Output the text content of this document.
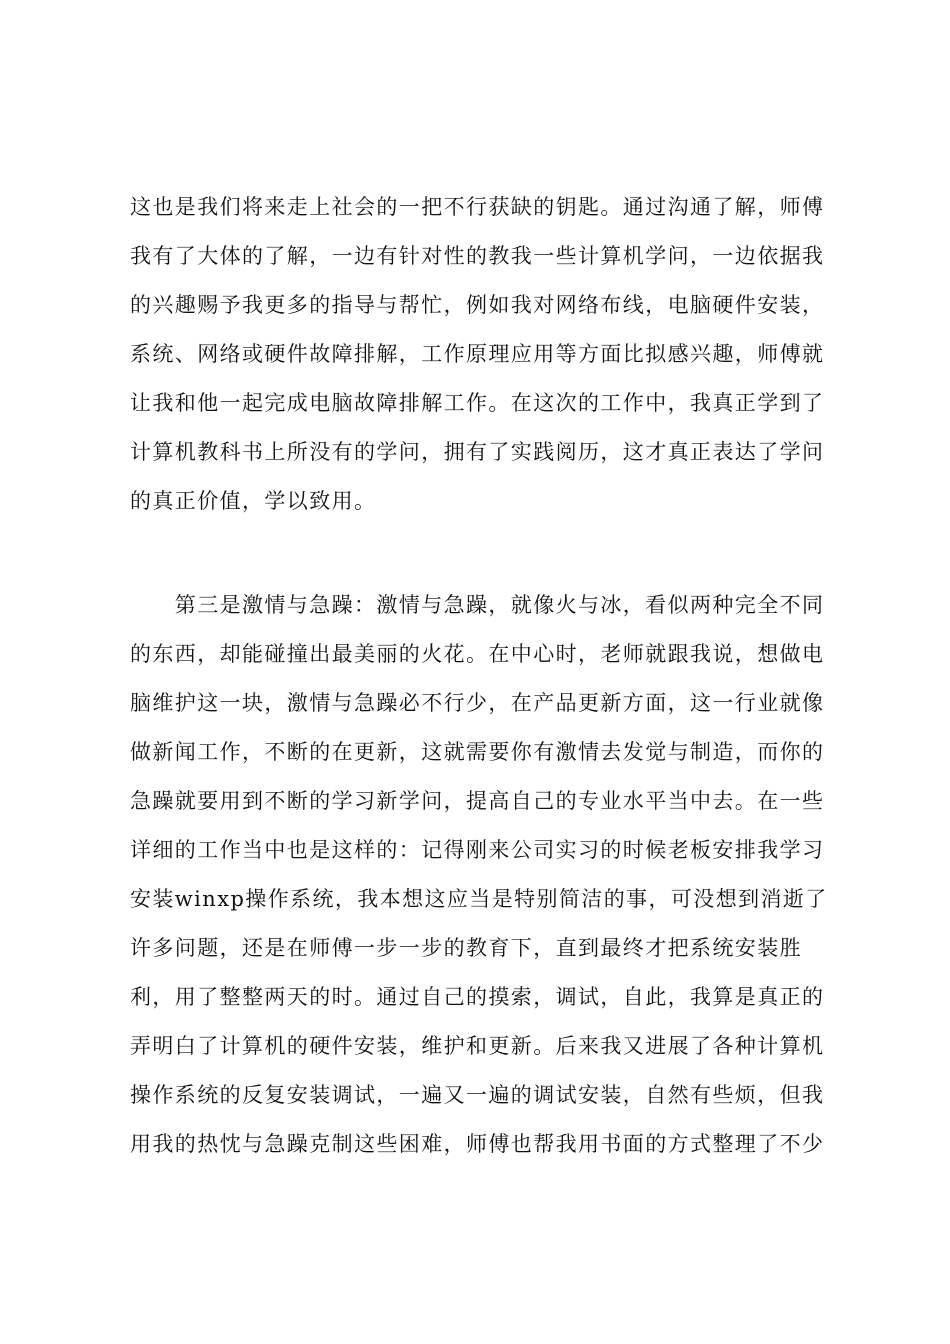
这也是我们将来走上社会的一把不行获缺的钥匙。通过沟通了解，师傅
我有了大体的了解，一边有针对性的教我一些计算机学问，一边依据我
的兴趣赐予我更多的指导与帮忙，例如我对网络布线，电脑硬件安装，
系统、网络或硬件故障排解，工作原理应用等方面比拟感兴趣，师傅就
让我和他一起完成电脑故障排解工作。在这次的工作中，我真正学到了
计算机教科书上所没有的学问，拥有了实践阅历，这才真正表达了学问
的真正价值，学以致用。
　　第三是激情与急躁：激情与急躁，就像火与冰，看似两种完全不同
的东西，却能碰撞出最美丽的火花。在中心时，老师就跟我说，想做电
脑维护这一块，激情与急躁必不行少，在产品更新方面，这一行业就像
做新闻工作，不断的在更新，这就需要你有激情去发觉与制造，而你的
急躁就要用到不断的学习新学问，提高自己的专业水平当中去。在一些
详细的工作当中也是这样的：记得刚来公司实习的时候老板安排我学习
安装winxp操作系统，我本想这应当是特别简洁的事，可没想到消逝了
许多问题，还是在师傅一步一步的教育下，直到最终才把系统安装胜
利，用了整整两天的时。通过自己的摸索，调试，自此，我算是真正的
弄明白了计算机的硬件安装，维护和更新。后来我又进展了各种计算机
操作系统的反复安装调试，一遍又一遍的调试安装，自然有些烦，但我
用我的热忱与急躁克制这些困难，师傅也帮我用书面的方式整理了不少
